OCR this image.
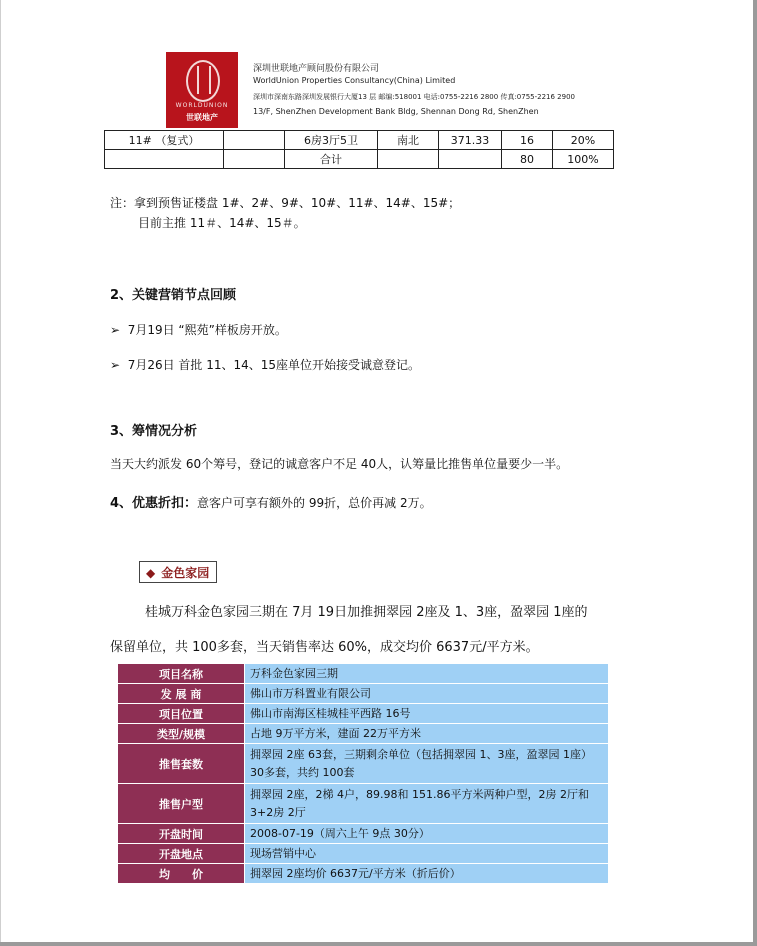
WORLDUNION
世联地产
深圳世联地产顾问股份有限公司
WorldUnion Properties Consultancy(China) Limited
深圳市深南东路深圳发展银行大厦13 层 邮编:518001 电话:0755-2216 2800 传真:0755-2216 2900
13/F, ShenZhen Development Bank Bldg, Shennan Dong Rd, ShenZhen
11# （复式）		6房3厅5卫	南北	371.33	16	20%
		合计			80	100%
注：拿到预售证楼盘 1#、2#、9#、10#、11#、14#、15#；
目前主推 11＃、14#、15＃。
2、关键营销节点回顾
➢  7月19日 “熙苑”样板房开放。
➢  7月26日 首批 11、14、15座单位开始接受诚意登记。
3、筹情况分析
当天大约派发 60个筹号，登记的诚意客户不足 40人，认筹量比推售单位量要少一半。
4、优惠折扣：意客户可享有额外的 99折，总价再减 2万。
◆ 金色家园
桂城万科金色家园三期在 7月 19日加推拥翠园 2座及 1、3座，盈翠园 1座的
保留单位，共 100多套，当天销售率达 60%，成交均价 6637元/平方米。
项目名称	万科金色家园三期
发 展 商	佛山市万科置业有限公司
项目位置	佛山市南海区桂城桂平西路 16号
类型/规模	占地 9万平方米，建面 22万平方米
推售套数	拥翠园 2座 63套，三期剩余单位（包括拥翠园 1、3座，盈翠园 1座）30多套，共约 100套
推售户型	拥翠园 2座，2梯 4户，89.98和 151.86平方米两种户型，2房 2厅和 3+2房 2厅
开盘时间	2008-07-19（周六上午 9点 30分）
开盘地点	现场营销中心
均　　价	拥翠园 2座均价 6637元/平方米（折后价）
